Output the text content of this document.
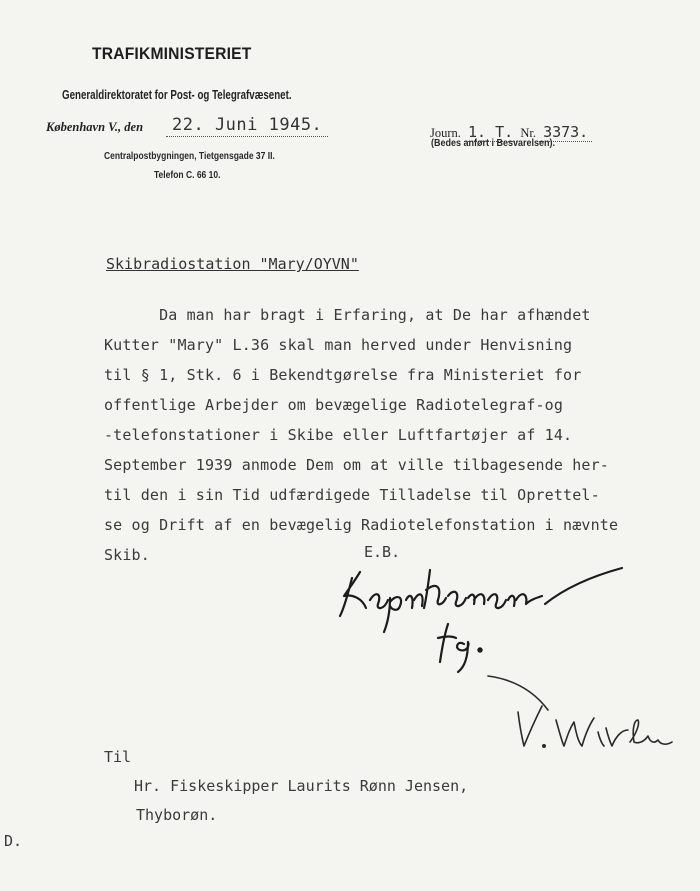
TRAFIKMINISTERIET
Generaldirektoratet for Post- og Telegrafvæsenet.
København V., den	22. Juni 1945.
Centralpostbygningen, Tietgensgade 37 II.
Telefon C. 66 10.
Journ. 1. T. Nr. 3373.
(Bedes anført i Besvarelsen).
Skibradiostation "Mary/OYVN"
Da man har bragt i Erfaring, at De har afhændet
Kutter "Mary" L.36 skal man herved under Henvisning
til § 1, Stk. 6 i Bekendtgørelse fra Ministeriet for
offentlige Arbejder om bevægelige Radiotelegraf-og
-telefonstationer i Skibe eller Luftfartøjer af 14.
September 1939 anmode Dem om at ville tilbagesende her-
til den i sin Tid udfærdigede Tilladelse til Oprettel-
se og Drift af en bevægelig Radiotelefonstation i nævnte
Skib.	E.B.
Kaj Hansen
V. Wiler-Petersen
Til
Hr. Fiskeskipper Laurits Rønn Jensen,
Thyborøn.
D.
